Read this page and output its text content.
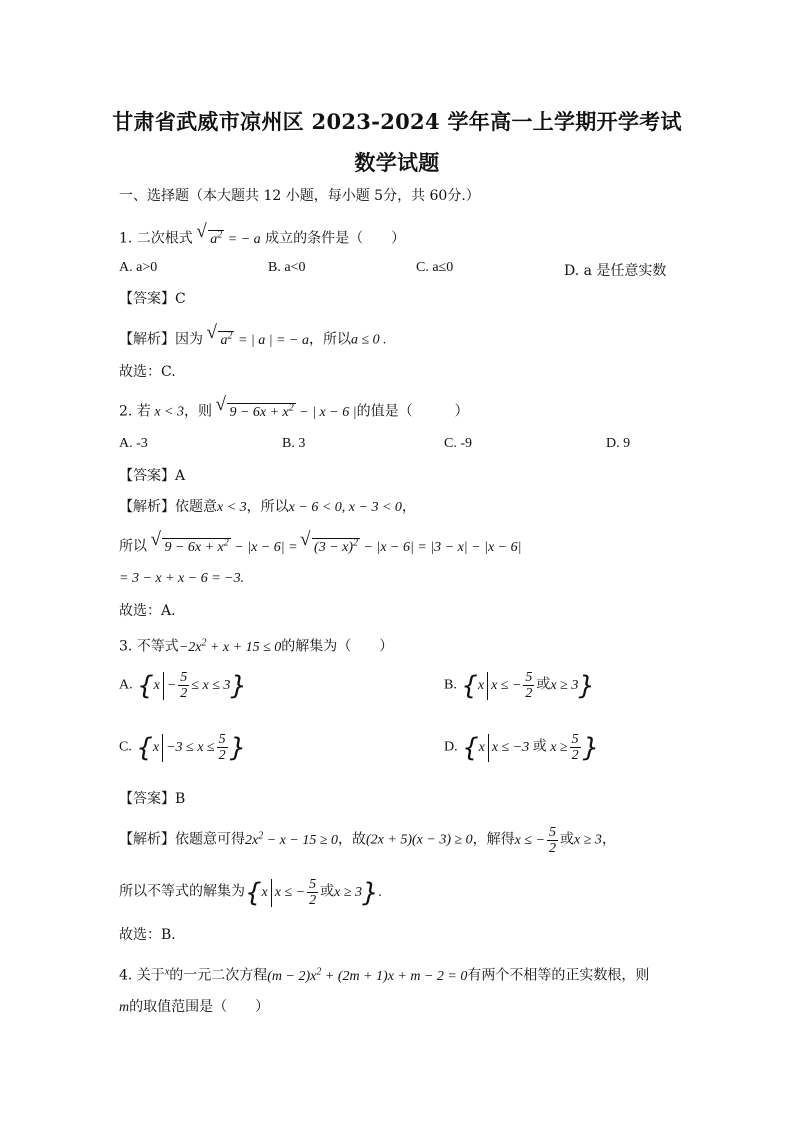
甘肃省武威市凉州区 2023-2024 学年高一上学期开学考试
数学试题
一、选择题（本大题共 12 小题，每小题 5分，共 60分.）
1. 二次根式 √ $a^2$ = − a 成立的条件是（　　）
A. a>0	B. a<0	C. a≤0	D. a 是任意实数
【答案】C
【解析】因为 √ $a^2$ = | a | = − a，所以a ≤ 0 .
故选：C.
2. 若 x < 3，则 √ $9 - 6x + x^2$ − | x − 6 |的值是（　　　）
A. -3	B. 3	C. -9	D. 9
【答案】A
【解析】依题意x < 3，所以x − 6 < 0, x − 3 < 0，
所以 √ $9 - 6x + x^2 - |x - 6|$ = √ $(3 - x)^2 - |x - 6| = |3 - x| - |x - 6|$
= 3 − x + x − 6 = −3.
故选：A.
3. 不等式$-2x^2 + x + 15 \le 0$的解集为（　　）
A. $\{x - \frac{5}{2} \le x \le 3\}$	B. {x x ≤ − $\frac{5}{2}$ 或x ≥ 3}
C. {$x -3 \le x \le \frac{5}{2}$ }	D. {x x ≤ −3 或 $x \ge \frac{5}{2}$ }
【答案】B
【解析】依题意可得$2x^2 - x - 15 \ge 0$，故(2x + 5)(x − 3) ≥ 0，解得x ≤ − $\frac{5}{2}$ 或x ≥ 3，
所以不等式的解集为{x x ≤ − $\frac{5}{2}$ 或x ≥ 3}.
故选：B．
4. 关于$^x$的一元二次方程$(m - 2)x^2 + (2m + 1)x + m - 2 = 0$有两个不相等的正实数根，则
m的取值范围是（　　）
